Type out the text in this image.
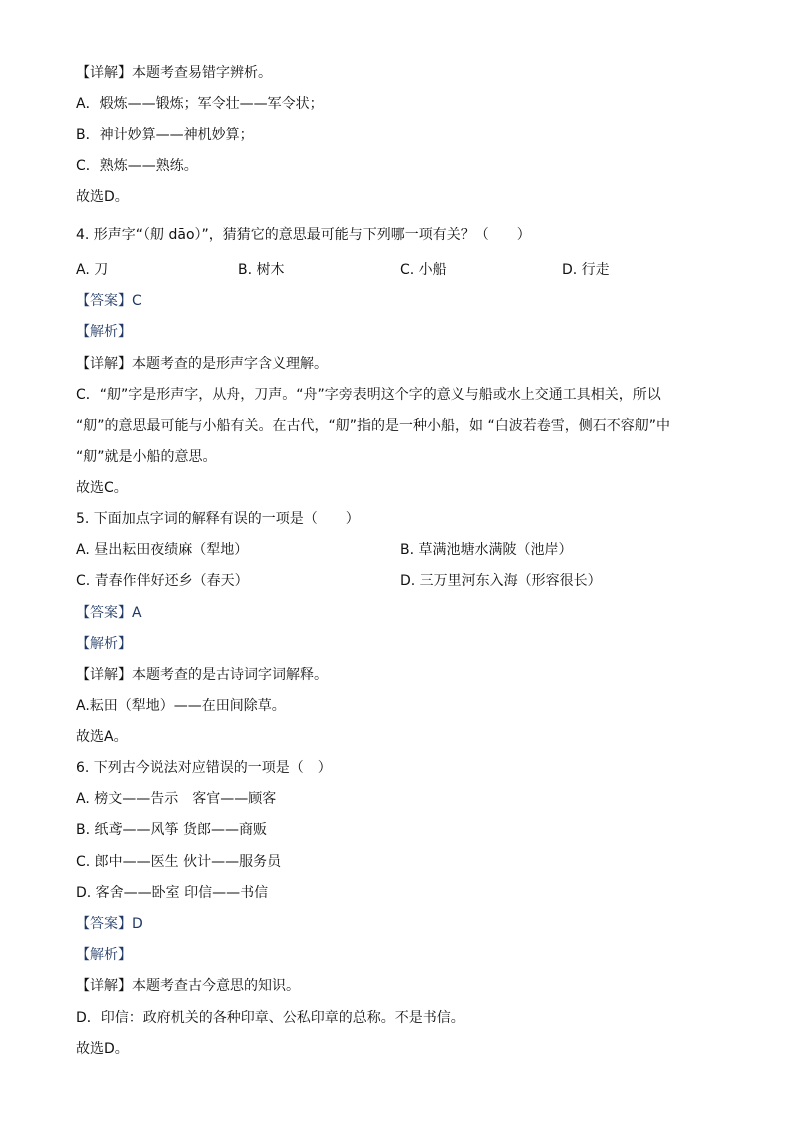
【详解】本题考查易错字辨析。
A．煅炼——锻炼；军令壮——军令状；
B．神计妙算——神机妙算；
C．熟炼——熟练。
故选D。
4. 形声字“（舠 dāo）”，猜猜它的意思最可能与下列哪一项有关？（　　）
A. 刀	B. 树木	C. 小船	D. 行走
【答案】C
【解析】
【详解】本题考查的是形声字含义理解。
C．“舠”字是形声字，从舟，刀声。“舟”字旁表明这个字的意义与船或水上交通工具相关，所以
“舠”的意思最可能与小船有关。在古代，“舠”指的是一种小船，如 “白波若卷雪，侧石不容舠”中
“舠”就是小船的意思。
故选C。
5. 下面加点字词的解释有误的一项是（　　）
A. 昼出耘田夜绩麻（犁地）	B. 草满池塘水满陂（池岸）
C. 青春作伴好还乡（春天）	D. 三万里河东入海（形容很长）
【答案】A
【解析】
【详解】本题考查的是古诗词字词解释。
A.耘田（犁地）——在田间除草。
故选A。
6. 下列古今说法对应错误的一项是（　）
A. 榜文——告示　客官——顾客
B. 纸鸢——风筝 货郎——商贩
C. 郎中——医生 伙计——服务员
D. 客舍——卧室 印信——书信
【答案】D
【解析】
【详解】本题考查古今意思的知识。
D．印信：政府机关的各种印章、公私印章的总称。不是书信。
故选D。
